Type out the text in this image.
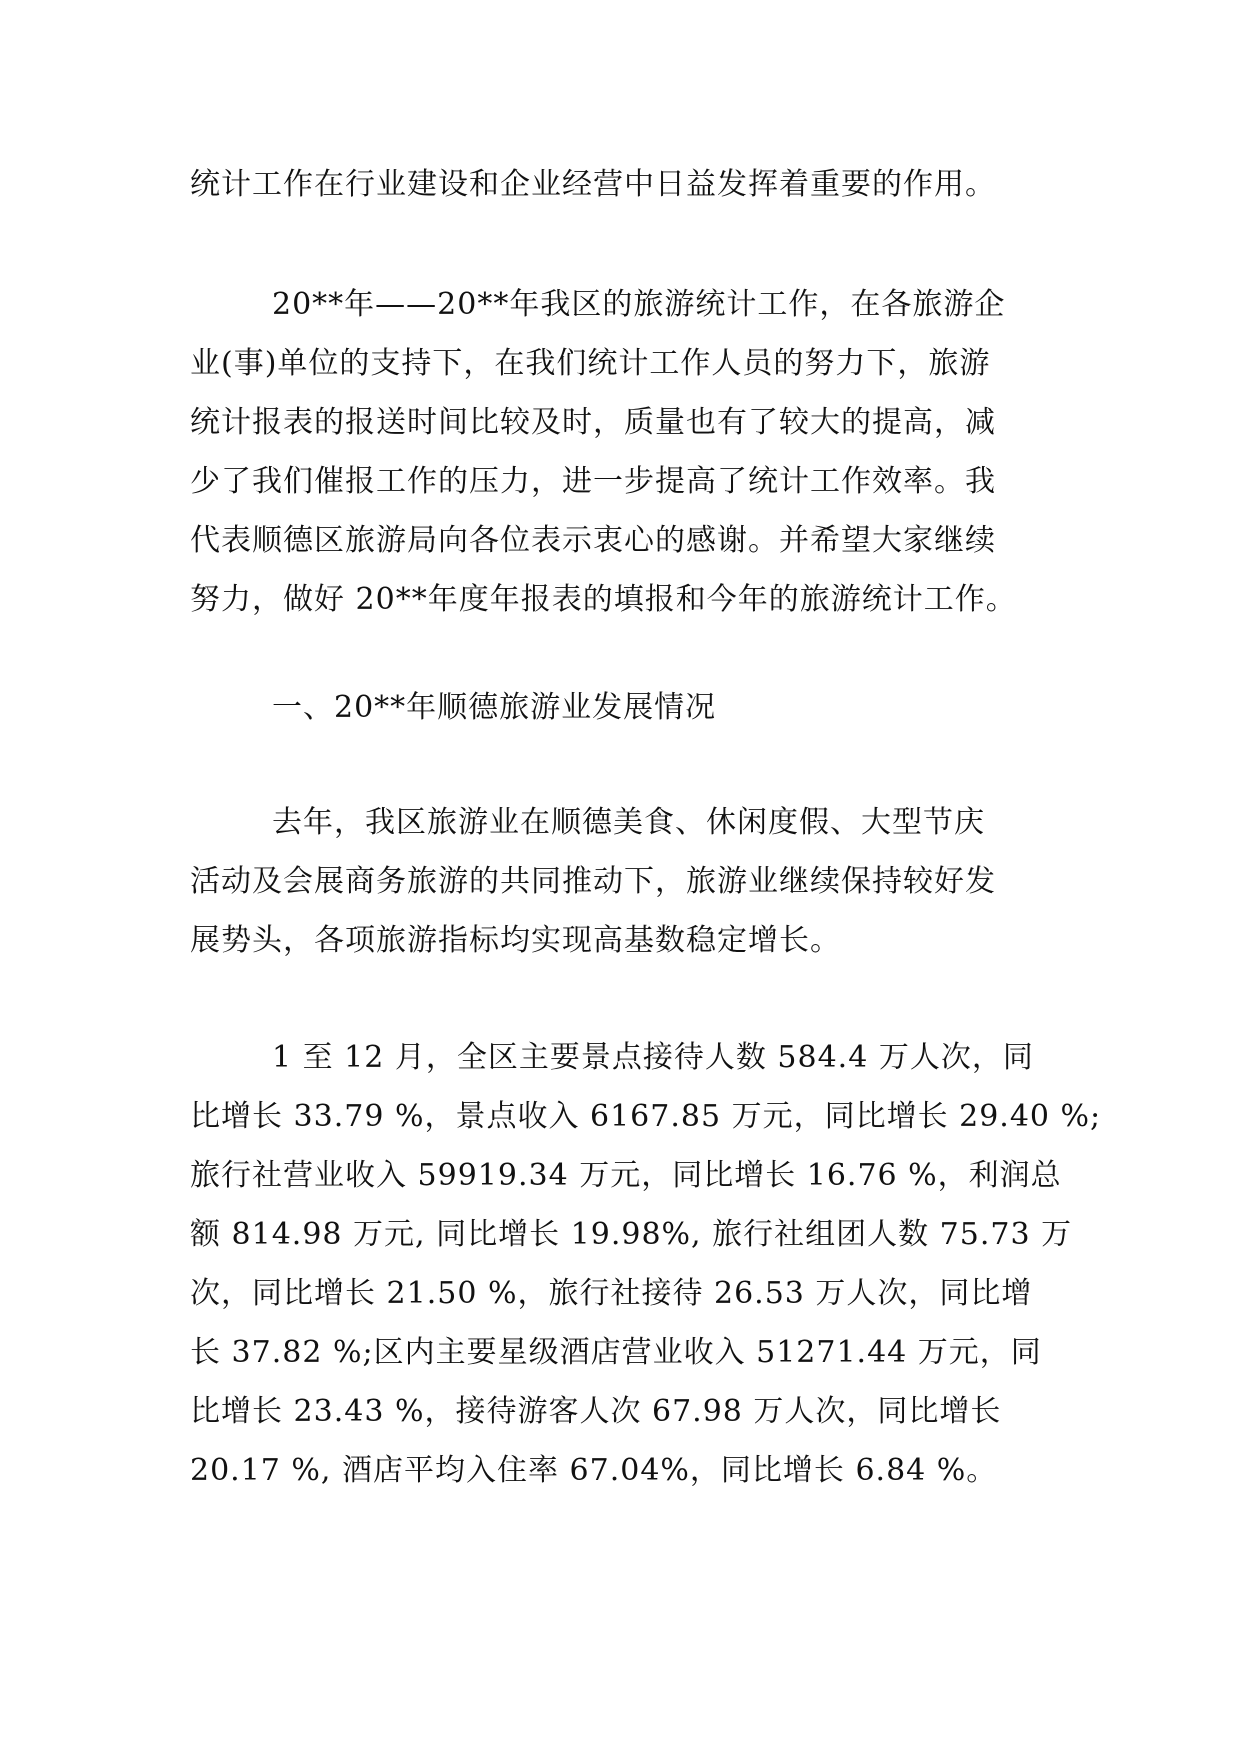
统计工作在行业建设和企业经营中日益发挥着重要的作用。

20**年——20**年我区的旅游统计工作，在各旅游企
业(事)单位的支持下，在我们统计工作人员的努力下，旅游
统计报表的报送时间比较及时，质量也有了较大的提高，减
少了我们催报工作的压力，进一步提高了统计工作效率。我
代表顺德区旅游局向各位表示衷心的感谢。并希望大家继续
努力，做好 20**年度年报表的填报和今年的旅游统计工作。

一、20**年顺德旅游业发展情况

去年，我区旅游业在顺德美食、休闲度假、大型节庆
活动及会展商务旅游的共同推动下，旅游业继续保持较好发
展势头，各项旅游指标均实现高基数稳定增长。

1 至 12 月，全区主要景点接待人数 584.4 万人次，同
比增长 33.79 %，景点收入 6167.85 万元，同比增长 29.40 %;
旅行社营业收入 59919.34 万元，同比增长 16.76 %，利润总
额 814.98 万元, 同比增长 19.98%, 旅行社组团人数 75.73 万
次，同比增长 21.50 %，旅行社接待 26.53 万人次，同比增
长 37.82 %;区内主要星级酒店营业收入 51271.44 万元，同
比增长 23.43 %，接待游客人次 67.98 万人次，同比增长
20.17 %, 酒店平均入住率 67.04%，同比增长 6.84 %。
